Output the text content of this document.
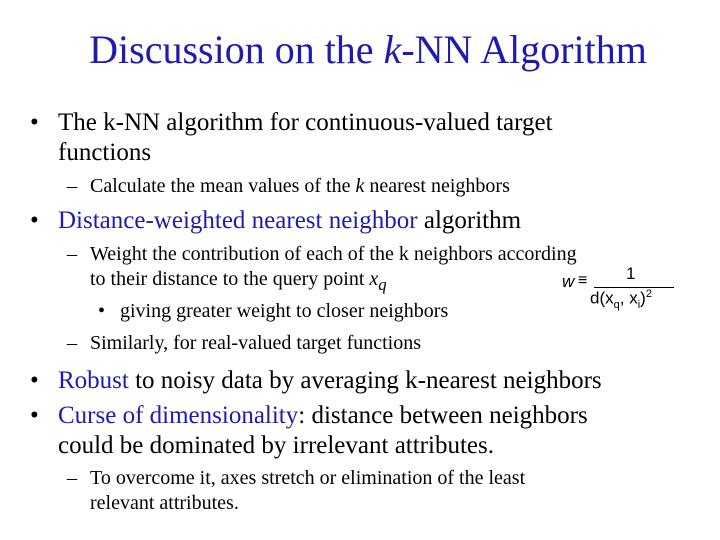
Discussion on the k-NN Algorithm
• The k-NN algorithm for continuous-valued target
functions
– Calculate the mean values of the k nearest neighbors
• Distance-weighted nearest neighbor algorithm
– Weight the contribution of each of the k neighbors according
to their distance to the query point $x_q$
• giving greater weight to closer neighbors
– Similarly, for real-valued target functions
w ≡ 1
$d(x_q$, $x_i)^2$
• Robust to noisy data by averaging k-nearest neighbors
• Curse of dimensionality: distance between neighbors
could be dominated by irrelevant attributes.
– To overcome it, axes stretch or elimination of the least
relevant attributes.
